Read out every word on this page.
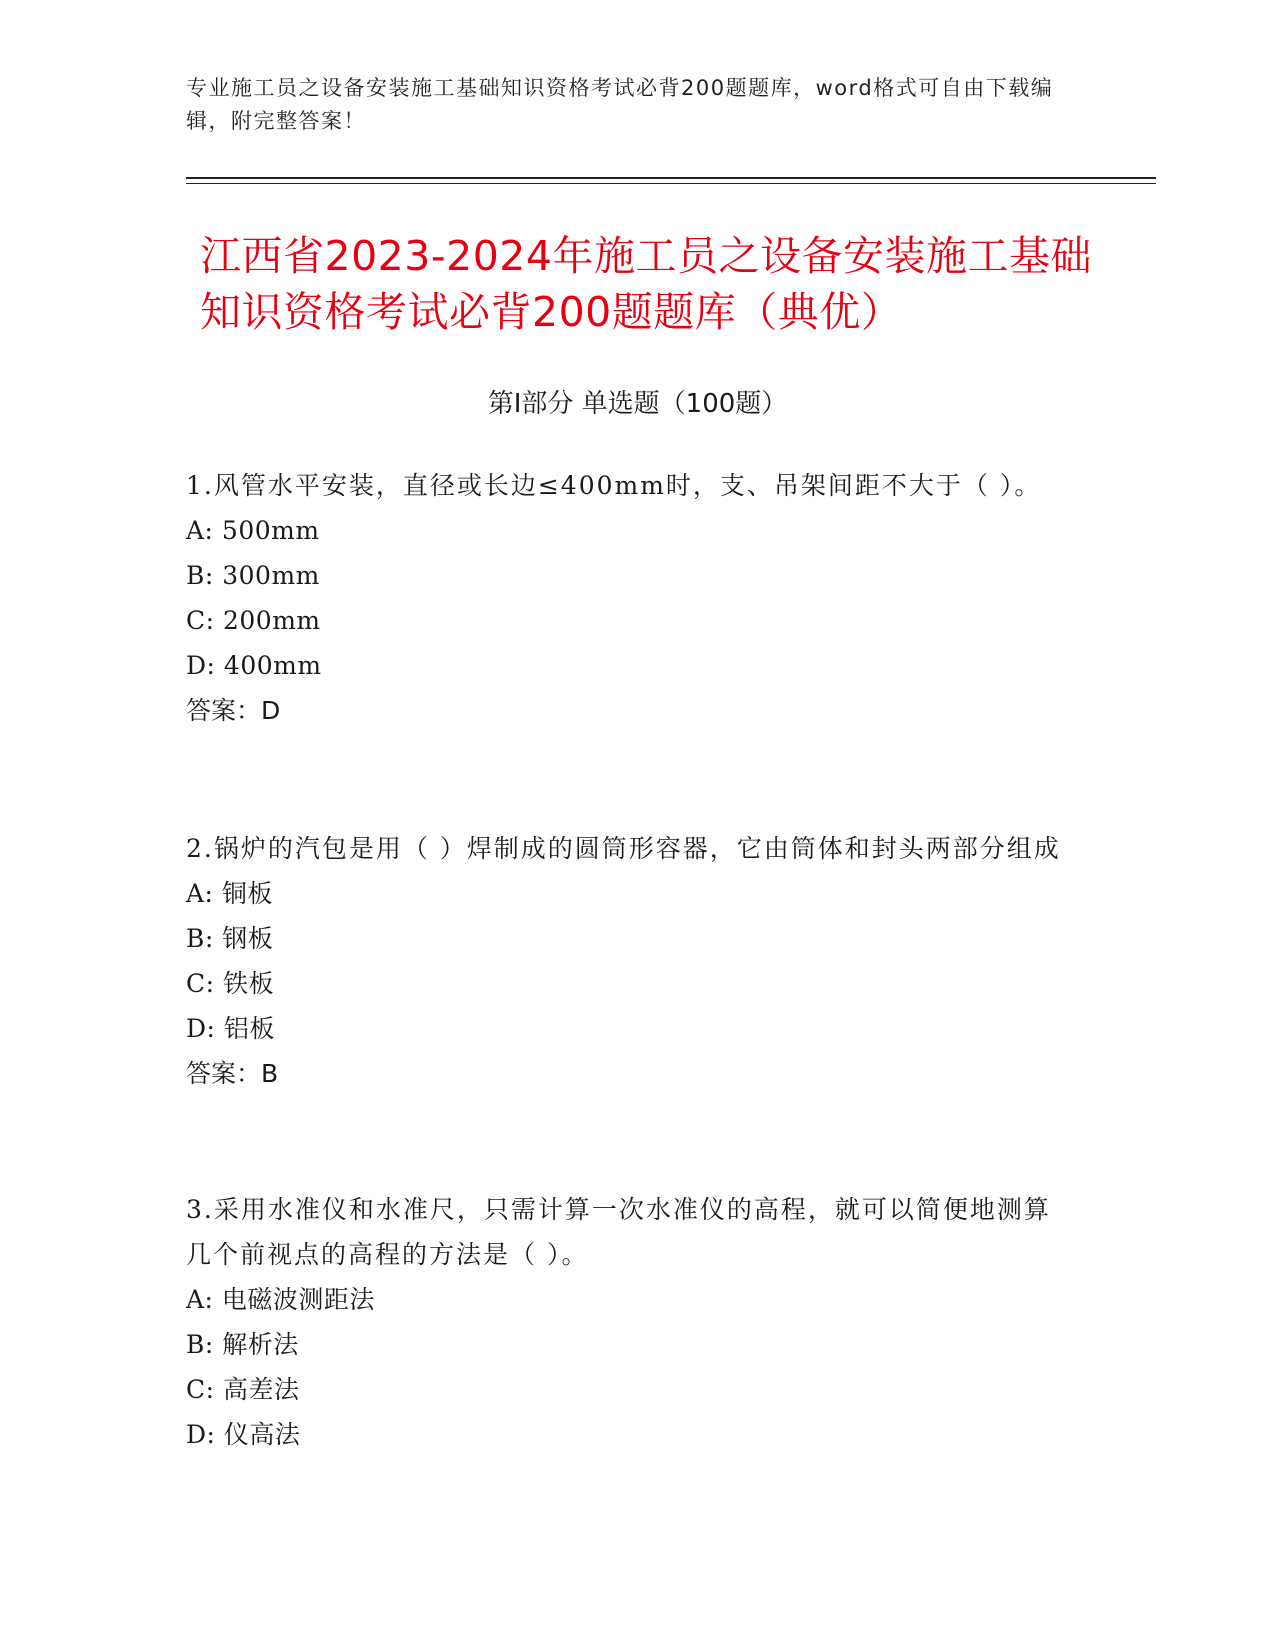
专业施工员之设备安装施工基础知识资格考试必背200题题库，word格式可自由下载编辑，附完整答案！
江西省2023-2024年施工员之设备安装施工基础知识资格考试必背200题题库（典优）
第Ⅰ部分 单选题（100题）
1.风管水平安装，直径或长边≤400mm时，支、吊架间距不大于（ ）。
A: 500mm
B: 300mm
C: 200mm
D: 400mm
答案：D
2.锅炉的汽包是用（ ）焊制成的圆筒形容器，它由筒体和封头两部分组成
A: 铜板
B: 钢板
C: 铁板
D: 铝板
答案：B
3.采用水准仪和水准尺，只需计算一次水准仪的高程，就可以简便地测算几个前视点的高程的方法是（ ）。
A: 电磁波测距法
B: 解析法
C: 高差法
D: 仪高法
